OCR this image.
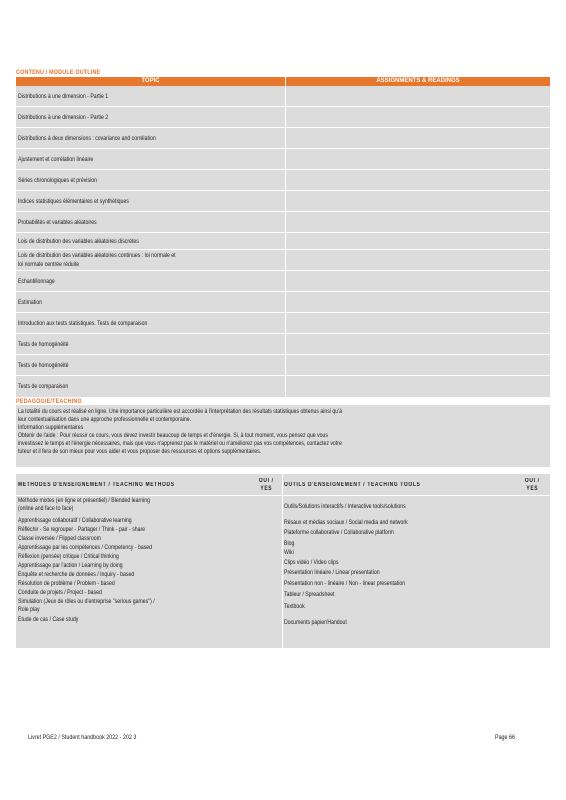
CONTENU / MODULE OUTLINE
TOPIC	ASSIGNMENTS & READINGS
Distributions à une dimension - Partie 1
Distributions à une dimension - Partie 2
Distributions à deux dimensions : covariance and corrélation
Ajustement et corrélation linéaire
Séries chronologiques et prévision
Indices statistiques élémentaires et synthétiques
Probabilités et variables aléatoires
Lois de distribution des variables aléatoires discrètes
Lois de distribution des variables aléatoires continues : loi normale et
loi normale centrée réduite
Echantillonnage
Estimation
Introduction aux tests statistiques. Tests de comparaison
Tests de homogénéité
Tests de homogénéité
Tests de comparaison
PEDAGOGIE/TEACHING
La totalité du cours est réalisé en ligne. Une importance particulière est accordée à l'interprétation des résultats statistiques obtenus ainsi qu'à
leur contextualisation dans une approche professionnelle et contemporaine.
Information supplémentaires
Obtenir de l'aide : Pour réussir ce cours, vous devez investir beaucoup de temps et d'énergie. Si, à tout moment, vous pensez que vous
investissez le temps et l'énergie nécessaires, mais que vous n'apprenez pas le matériel ou n'améliorez pas vos compétences, contactez votre
tuteur et il fera de son mieux pour vous aider et vous proposer des ressources et options supplémentaires.
METHODES D'ENSEIGNEMENT / TEACHING METHODS
OUI / YES
OUTILS D'ENSEIGNEMENT / TEACHING TOOLS
OUI / YES
Méthode mixtes (en ligne et présentiel) / Blended learning
(online and face to face)
Apprentissage collaboratif / Collaborative learning
Réfléchir - Se regrouper - Partager / Think - pair - share
Classe inversée / Flipped classroom
Apprentissage par les compétences / Competency - based
Réflexion (pensée) critique / Critical thinking
Apprentissage par l'action / Learning by doing
Enquête et recherche de données / Inquiry - based
Résolution de problème / Problem - based
Conduite de projets / Project - based
Simulation (Jeux de rôles ou d'entreprise "serious games") /
Role play
Etude de cas / Case study
Outils/Solutions interactifs / Interactive tools/solutions
Résaux et médias sociaux / Social media and network
Plateforme collaborative / Collaborative platform
Blog
Wiki
Clips vidéo / Video clips
Présentation linéaire / Linear presentation
Présentation non - linéaire / Non - linear presentation
Tableur / Spreadsheet
Textbook
Documents papier/Handout
Livret PGE2 / Student handbook 2022 - 202 3	Page 66
